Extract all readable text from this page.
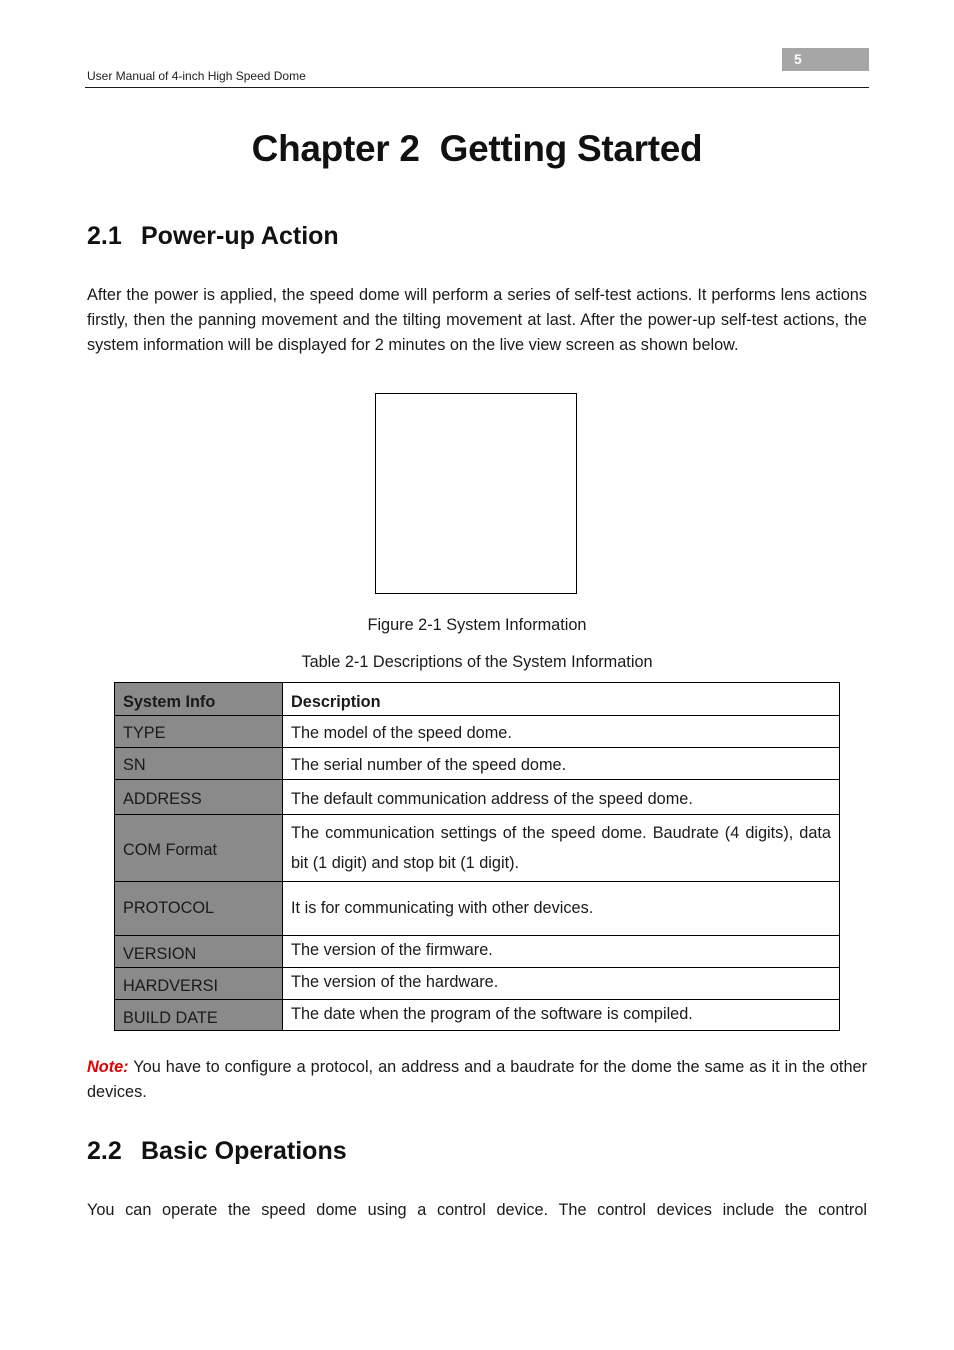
5
User Manual of 4-inch High Speed Dome
Chapter 2  Getting Started
2.1 Power-up Action

After the power is applied, the speed dome will perform a series of self-test actions. It performs lens actions firstly, then the panning movement and the tilting movement at last. After the power-up self-test actions, the system information will be displayed for 2 minutes on the live view screen as shown below.

Figure 2-1 System Information
Table 2-1 Descriptions of the System Information
System Info	Description

TYPE	The model of the speed dome.

SN	The serial number of the speed dome.

ADDRESS	The default communication address of the speed dome.

COM Format	The communication settings of the speed dome. Baudrate (4 digits), data bit (1 digit) and stop bit (1 digit).

PROTOCOL	It is for communicating with other devices.

VERSION	The version of the firmware.

HARDVERSI	The version of the hardware.

BUILD DATE	The date when the program of the software is compiled.

Note: You have to configure a protocol, an address and a baudrate for the dome the same as it in the other devices.

2.2 Basic Operations

You can operate the speed dome using a control device. The control devices include the control
